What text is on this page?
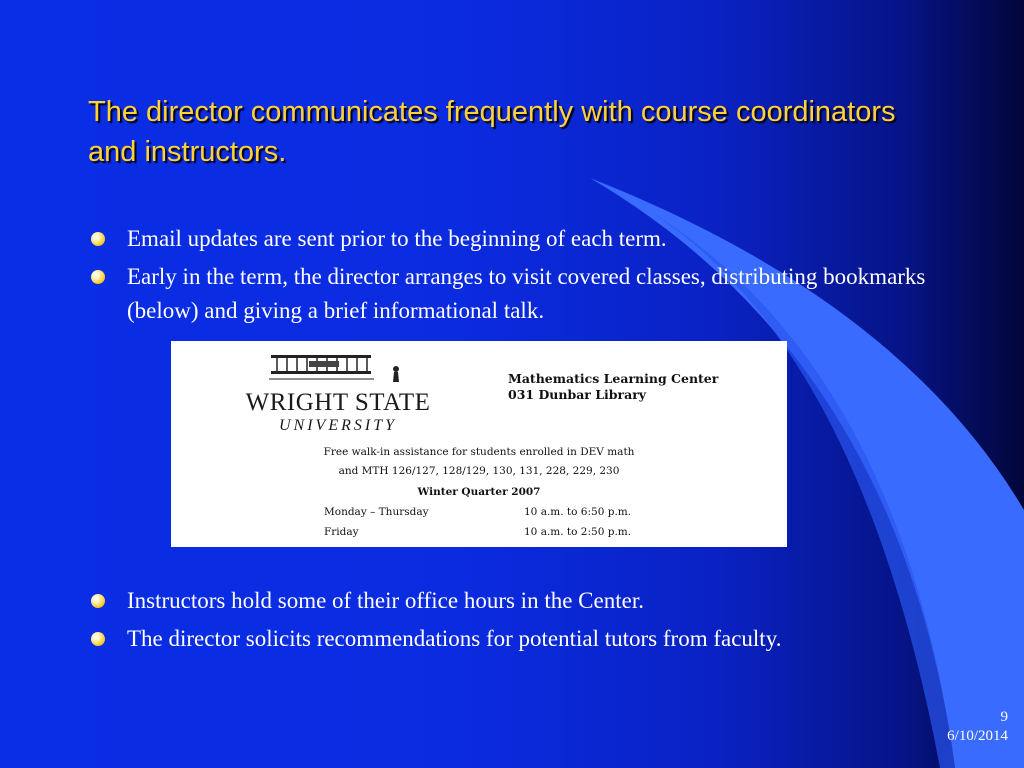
The director communicates frequently with course coordinators and instructors.
Email updates are sent prior to the beginning of each term.
Early in the term, the director arranges to visit covered classes, distributing bookmarks (below) and giving a brief informational talk.
WRIGHT STATE
UNIVERSITY
Mathematics Learning Center
031 Dunbar Library
Free walk-in assistance for students enrolled in DEV math
and MTH 126/127, 128/129, 130, 131, 228, 229, 230
Winter Quarter 2007
Monday – Thursday	10 a.m. to 6:50 p.m.
Friday	10 a.m. to 2:50 p.m.
Instructors hold some of their office hours in the Center.
The director solicits recommendations for potential tutors from faculty.
9
6/10/2014
